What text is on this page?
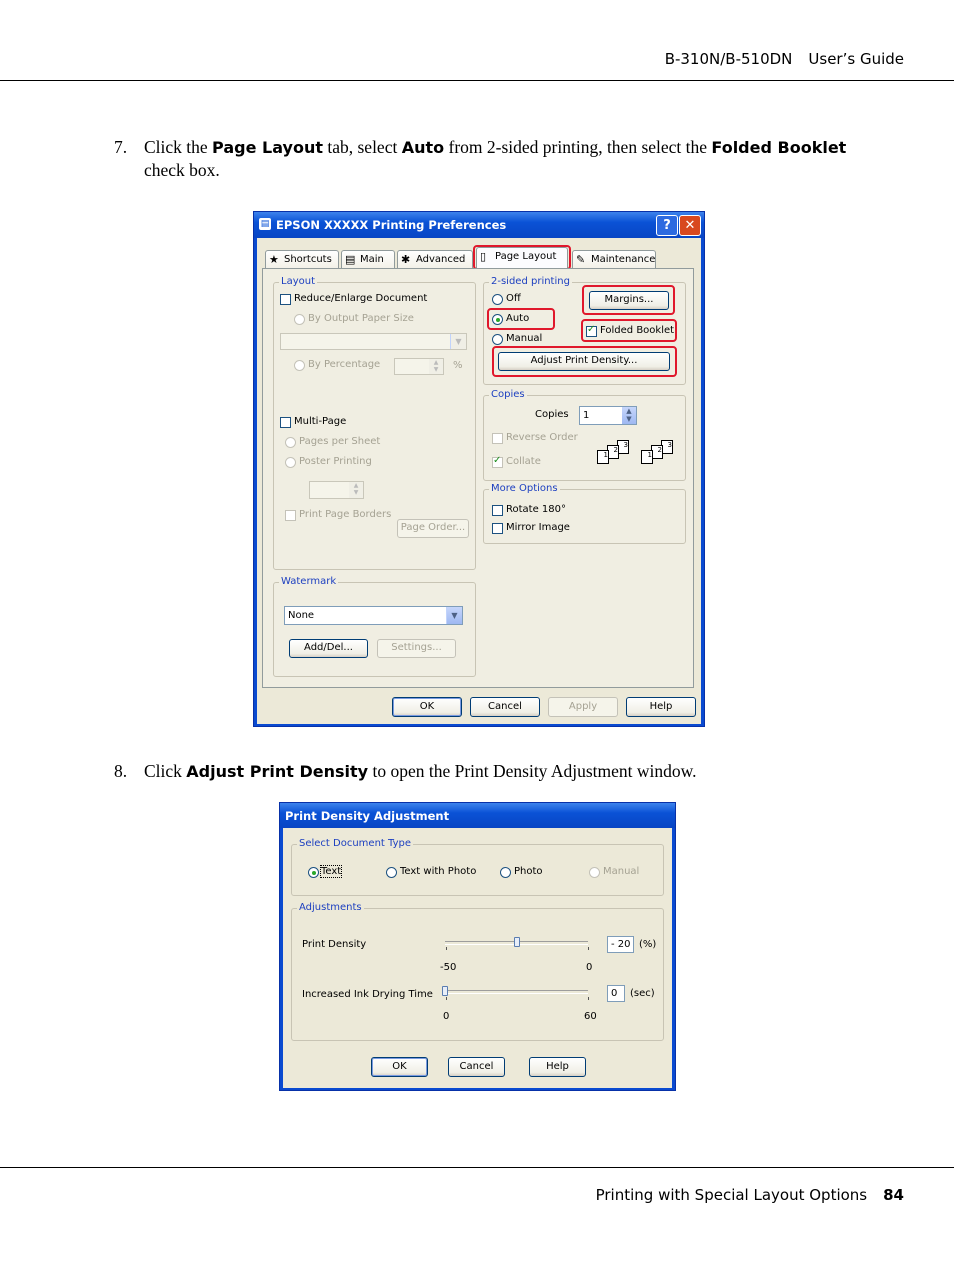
B-310N/B-510DN User’s Guide
7. Click the Page Layout tab, select Auto from 2-sided printing, then select the Folded Booklet check box.
▤ EPSON XXXXX Printing Preferences	?	✕
★ Shortcuts	▤ Main	✱ Advanced	▯ Page Layout	✎ Maintenance
Layout
Reduce/Enlarge Document
By Output Paper Size
▼
By Percentage	▲
▼	%
Multi-Page
Pages per Sheet
Poster Printing
▲
▼
Print Page Borders
Page Order...
Watermark
None	▼
Add/Del...	Settings...
2-sided printing
Off
Auto
Manual
Margins...
✓
Folded Booklet
Adjust Print Density...
Copies
Copies	1	▲
▼
Reverse Order
✓
Collate
3
2
1
3
2
1
More Options
Rotate 180°
Mirror Image
OK	Cancel	Apply	Help
8. Click Adjust Print Density to open the Print Density Adjustment window.
Print Density Adjustment
Select Document Type
Text	Text with Photo	Photo	Manual
Adjustments
Print Density
-50	0
- 20 (%)
Increased Ink Drying Time
0	60
0	(sec)
OK	Cancel	Help
Printing with Special Layout Options 84
